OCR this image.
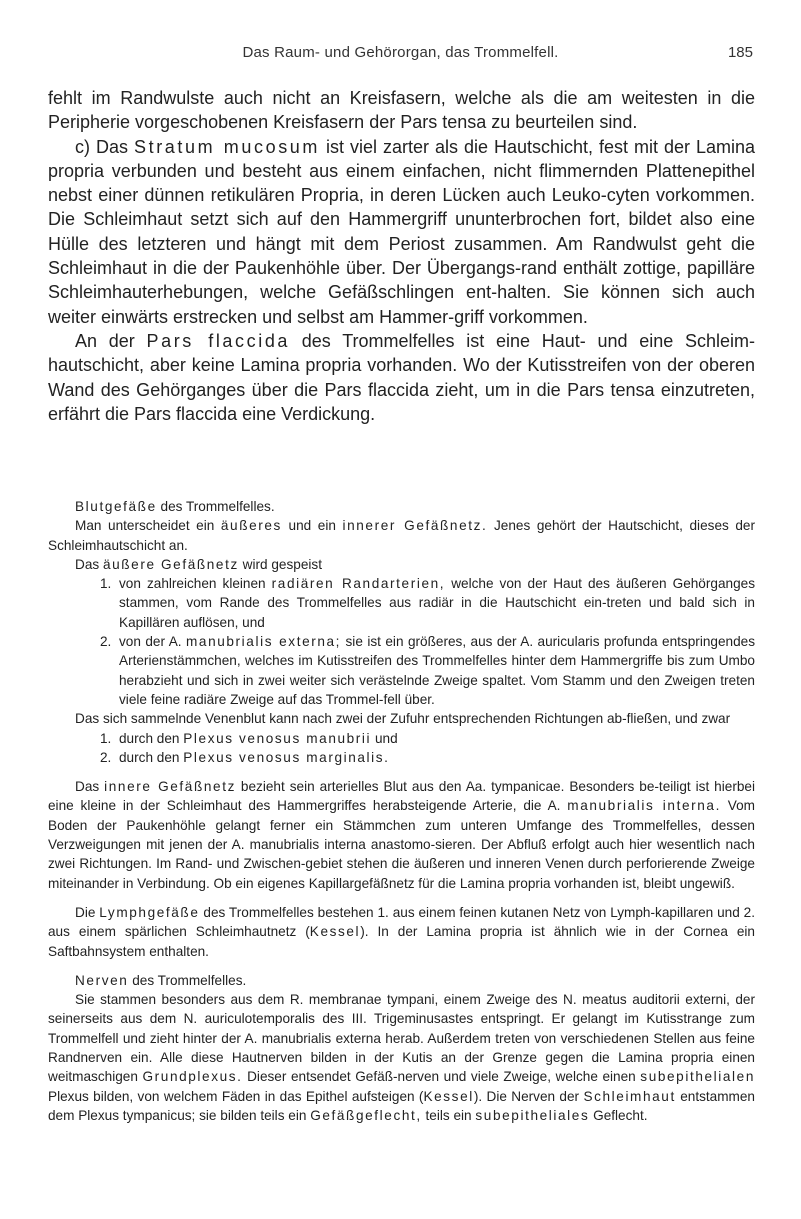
Das Raum- und Gehörorgan, das Trommelfell.	185

fehlt im Randwulste auch nicht an Kreisfasern, welche als die am weitesten in die Peripherie vorgeschobenen Kreisfasern der Pars tensa zu beurteilen sind.

c) Das Stratum mucosum ist viel zarter als die Hautschicht, fest mit der Lamina propria verbunden und besteht aus einem einfachen, nicht flimmernden Plattenepithel nebst einer dünnen retikulären Propria, in deren Lücken auch Leuko-cyten vorkommen. Die Schleimhaut setzt sich auf den Hammergriff ununterbrochen fort, bildet also eine Hülle des letzteren und hängt mit dem Periost zusammen. Am Randwulst geht die Schleimhaut in die der Paukenhöhle über. Der Übergangs-rand enthält zottige, papilläre Schleimhauterhebungen, welche Gefäßschlingen ent-halten. Sie können sich auch weiter einwärts erstrecken und selbst am Hammer-griff vorkommen.

An der Pars flaccida des Trommelfelles ist eine Haut- und eine Schleim-hautschicht, aber keine Lamina propria vorhanden. Wo der Kutisstreifen von der oberen Wand des Gehörganges über die Pars flaccida zieht, um in die Pars tensa einzutreten, erfährt die Pars flaccida eine Verdickung.

Blutgefäße des Trommelfelles.

Man unterscheidet ein äußeres und ein innerer Gefäßnetz. Jenes gehört der Hautschicht, dieses der Schleimhautschicht an.

Das äußere Gefäßnetz wird gespeist

1. von zahlreichen kleinen radiären Randarterien, welche von der Haut des äußeren Gehörganges stammen, vom Rande des Trommelfelles aus radiär in die Hautschicht ein-treten und bald sich in Kapillären auflösen, und
2. von der A. manubrialis externa; sie ist ein größeres, aus der A. auricularis profunda entspringendes Arterienstämmchen, welches im Kutisstreifen des Trommelfelles hinter dem Hammergriffe bis zum Umbo herabzieht und sich in zwei weiter sich verästelnde Zweige spaltet. Vom Stamm und den Zweigen treten viele feine radiäre Zweige auf das Trommel-fell über.

Das sich sammelnde Venenblut kann nach zwei der Zufuhr entsprechenden Richtungen ab-fließen, und zwar

1. durch den Plexus venosus manubrii und
2. durch den Plexus venosus marginalis.

Das innere Gefäßnetz bezieht sein arterielles Blut aus den Aa. tympanicae. Besonders be-teiligt ist hierbei eine kleine in der Schleimhaut des Hammergriffes herabsteigende Arterie, die A. manubrialis interna. Vom Boden der Paukenhöhle gelangt ferner ein Stämmchen zum unteren Umfange des Trommelfelles, dessen Verzweigungen mit jenen der A. manubrialis interna anastomo-sieren. Der Abfluß erfolgt auch hier wesentlich nach zwei Richtungen. Im Rand- und Zwischen-gebiet stehen die äußeren und inneren Venen durch perforierende Zweige miteinander in Verbindung. Ob ein eigenes Kapillargefäßnetz für die Lamina propria vorhanden ist, bleibt ungewiß.

Die Lymphgefäße des Trommelfelles bestehen 1. aus einem feinen kutanen Netz von Lymph-kapillaren und 2. aus einem spärlichen Schleimhautnetz (Kessel). In der Lamina propria ist ähnlich wie in der Cornea ein Saftbahnsystem enthalten.

Nerven des Trommelfelles.

Sie stammen besonders aus dem R. membranae tympani, einem Zweige des N. meatus auditorii externi, der seinerseits aus dem N. auriculotemporalis des III. Trigeminusastes entspringt. Er gelangt im Kutisstrange zum Trommelfell und zieht hinter der A. manubrialis externa herab. Außerdem treten von verschiedenen Stellen aus feine Randnerven ein. Alle diese Hautnerven bilden in der Kutis an der Grenze gegen die Lamina propria einen weitmaschigen Grundplexus. Dieser entsendet Gefäß-nerven und viele Zweige, welche einen subepithelialen Plexus bilden, von welchem Fäden in das Epithel aufsteigen (Kessel). Die Nerven der Schleimhaut entstammen dem Plexus tympanicus; sie bilden teils ein Gefäßgeflecht, teils ein subepitheliales Geflecht.
